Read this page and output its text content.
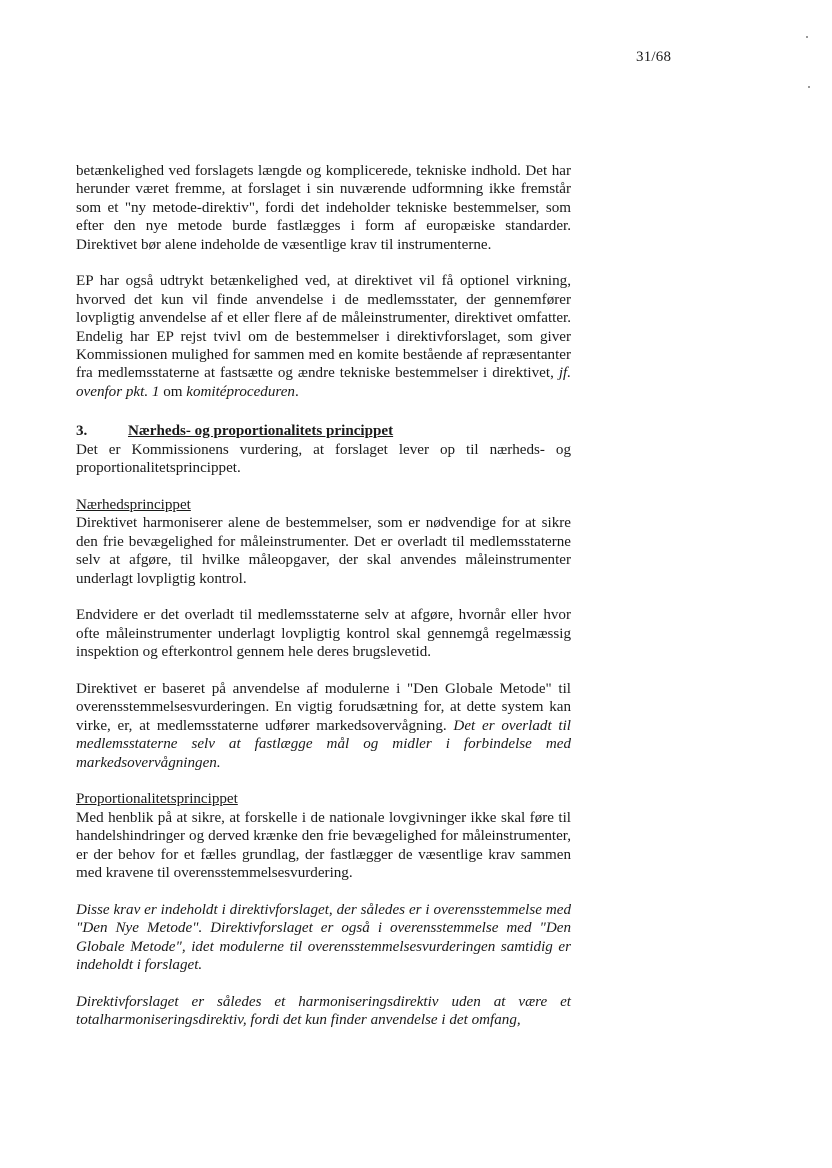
31/68

betænkelighed ved forslagets længde og komplicerede, tekniske indhold. Det har herunder været fremme, at forslaget i sin nuværende udformning ikke fremstår som et "ny metode-direktiv", fordi det indeholder tekniske bestemmelser, som efter den nye metode burde fastlægges i form af europæiske standarder. Direktivet bør alene indeholde de væsentlige krav til instrumenterne.

EP har også udtrykt betænkelighed ved, at direktivet vil få optionel virkning, hvorved det kun vil finde anvendelse i de medlemsstater, der gennemfører lovpligtig anvendelse af et eller flere af de måleinstrumenter, direktivet omfatter. Endelig har EP rejst tvivl om de bestemmelser i direktivforslaget, som giver Kommissionen mulighed for sammen med en komite bestående af repræsentanter fra medlemsstaterne at fastsætte og ændre tekniske bestemmelser i direktivet, jf. ovenfor pkt. 1 om komitéproceduren.

3.	Nærheds- og proportionalitets princippet

Det er Kommissionens vurdering, at forslaget lever op til nærheds- og proportionalitetsprincippet.

Nærhedsprincippet

Direktivet harmoniserer alene de bestemmelser, som er nødvendige for at sikre den frie bevægelighed for måleinstrumenter. Det er overladt til medlemsstaterne selv at afgøre, til hvilke måleopgaver, der skal anvendes måleinstrumenter underlagt lovpligtig kontrol.

Endvidere er det overladt til medlemsstaterne selv at afgøre, hvornår eller hvor ofte måleinstrumenter underlagt lovpligtig kontrol skal gennemgå regelmæssig inspektion og efterkontrol gennem hele deres brugslevetid.

Direktivet er baseret på anvendelse af modulerne i "Den Globale Metode" til overensstemmelsesvurderingen. En vigtig forudsætning for, at dette system kan virke, er, at medlemsstaterne udfører markedsovervågning. Det er overladt til medlemsstaterne selv at fastlægge mål og midler i forbindelse med markedsovervågningen.

Proportionalitetsprincippet

Med henblik på at sikre, at forskelle i de nationale lovgivninger ikke skal føre til handelshindringer og derved krænke den frie bevægelighed for måleinstrumenter, er der behov for et fælles grundlag, der fastlægger de væsentlige krav sammen med kravene til overensstemmelsesvurdering.

Disse krav er indeholdt i direktivforslaget, der således er i overensstemmelse med "Den Nye Metode". Direktivforslaget er også i overensstemmelse med "Den Globale Metode", idet modulerne til overensstemmelsesvurderingen samtidig er indeholdt i forslaget.

Direktivforslaget er således et harmoniseringsdirektiv uden at være et totalharmoniseringsdirektiv, fordi det kun finder anvendelse i det omfang,
